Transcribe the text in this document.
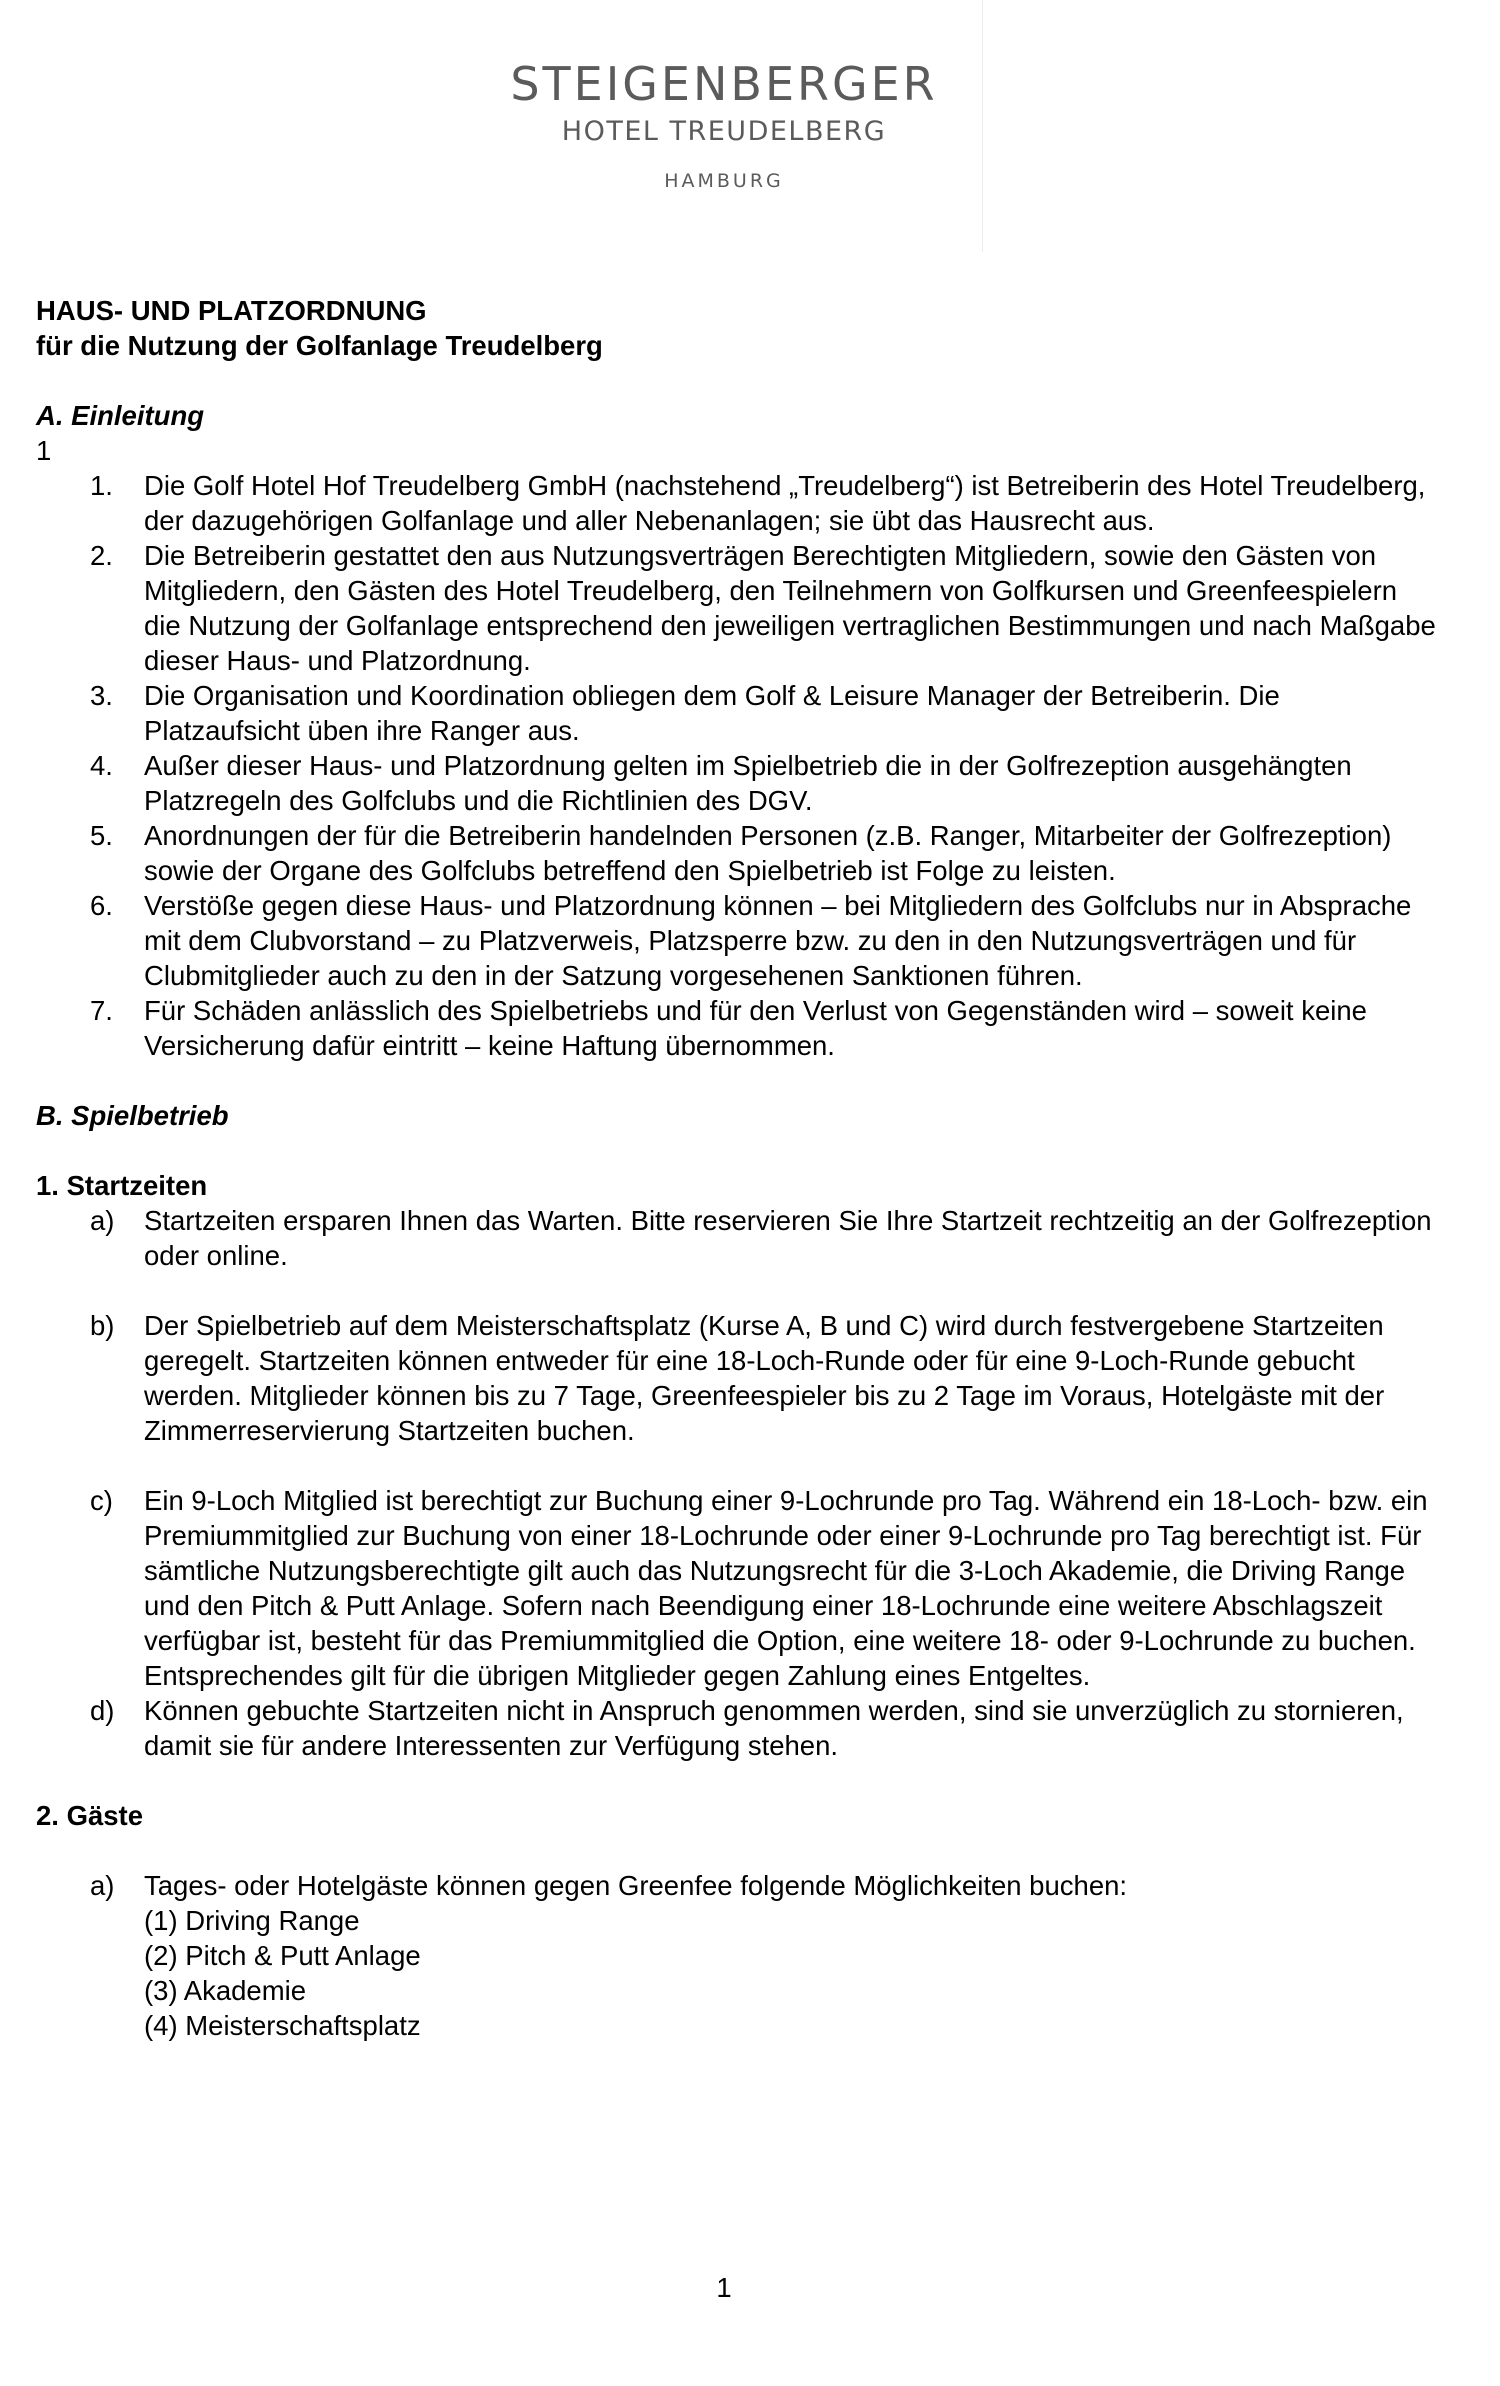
STEIGENBERGER
HOTEL TREUDELBERG
HAMBURG
HAUS- UND PLATZORDNUNG
für die Nutzung der Golfanlage Treudelberg
A. Einleitung
1
1.	Die Golf Hotel Hof Treudelberg GmbH (nachstehend „Treudelberg“) ist Betreiberin des Hotel Treudelberg, der dazugehörigen Golfanlage und aller Nebenanlagen; sie übt das Hausrecht aus.
2.	Die Betreiberin gestattet den aus Nutzungsverträgen Berechtigten Mitgliedern, sowie den Gästen von Mitgliedern, den Gästen des Hotel Treudelberg, den Teilnehmern von Golfkursen und Greenfeespielern die Nutzung der Golfanlage entsprechend den jeweiligen vertraglichen Bestimmungen und nach Maßgabe dieser Haus- und Platzordnung.
3.	Die Organisation und Koordination obliegen dem Golf & Leisure Manager der Betreiberin. Die Platzaufsicht üben ihre Ranger aus.
4.	Außer dieser Haus- und Platzordnung gelten im Spielbetrieb die in der Golfrezeption ausgehängten Platzregeln des Golfclubs und die Richtlinien des DGV.
5.	Anordnungen der für die Betreiberin handelnden Personen (z.B. Ranger, Mitarbeiter der Golfrezeption) sowie der Organe des Golfclubs betreffend den Spielbetrieb ist Folge zu leisten.
6.	Verstöße gegen diese Haus- und Platzordnung können – bei Mitgliedern des Golfclubs nur in Absprache mit dem Clubvorstand – zu Platzverweis, Platzsperre bzw. zu den in den Nutzungsverträgen und für Clubmitglieder auch zu den in der Satzung vorgesehenen Sanktionen führen.
7.	Für Schäden anlässlich des Spielbetriebs und für den Verlust von Gegenständen wird – soweit keine Versicherung dafür eintritt – keine Haftung übernommen.
B. Spielbetrieb
1. Startzeiten
a)	Startzeiten ersparen Ihnen das Warten. Bitte reservieren Sie Ihre Startzeit rechtzeitig an der Golfrezeption oder online.
b)	Der Spielbetrieb auf dem Meisterschaftsplatz (Kurse A, B und C) wird durch festvergebene Startzeiten geregelt. Startzeiten können entweder für eine 18-Loch-Runde oder für eine 9-Loch-Runde gebucht werden. Mitglieder können bis zu 7 Tage, Greenfeespieler bis zu 2 Tage im Voraus, Hotelgäste mit der Zimmerreservierung Startzeiten buchen.
c)	Ein 9-Loch Mitglied ist berechtigt zur Buchung einer 9-Lochrunde pro Tag. Während ein 18-Loch- bzw. ein Premiummitglied zur Buchung von einer 18-Lochrunde oder einer 9-Lochrunde pro Tag berechtigt ist. Für sämtliche Nutzungsberechtigte gilt auch das Nutzungsrecht für die 3-Loch Akademie, die Driving Range und den Pitch & Putt Anlage. Sofern nach Beendigung einer 18-Lochrunde eine weitere Abschlagszeit verfügbar ist, besteht für das Premiummitglied die Option, eine weitere 18- oder 9-Lochrunde zu buchen. Entsprechendes gilt für die übrigen Mitglieder gegen Zahlung eines Entgeltes.
d)	Können gebuchte Startzeiten nicht in Anspruch genommen werden, sind sie unverzüglich zu stornieren, damit sie für andere Interessenten zur Verfügung stehen.
2. Gäste
a)	Tages- oder Hotelgäste können gegen Greenfee folgende Möglichkeiten buchen:
(1) Driving Range
(2) Pitch & Putt Anlage
(3) Akademie
(4) Meisterschaftsplatz
1
